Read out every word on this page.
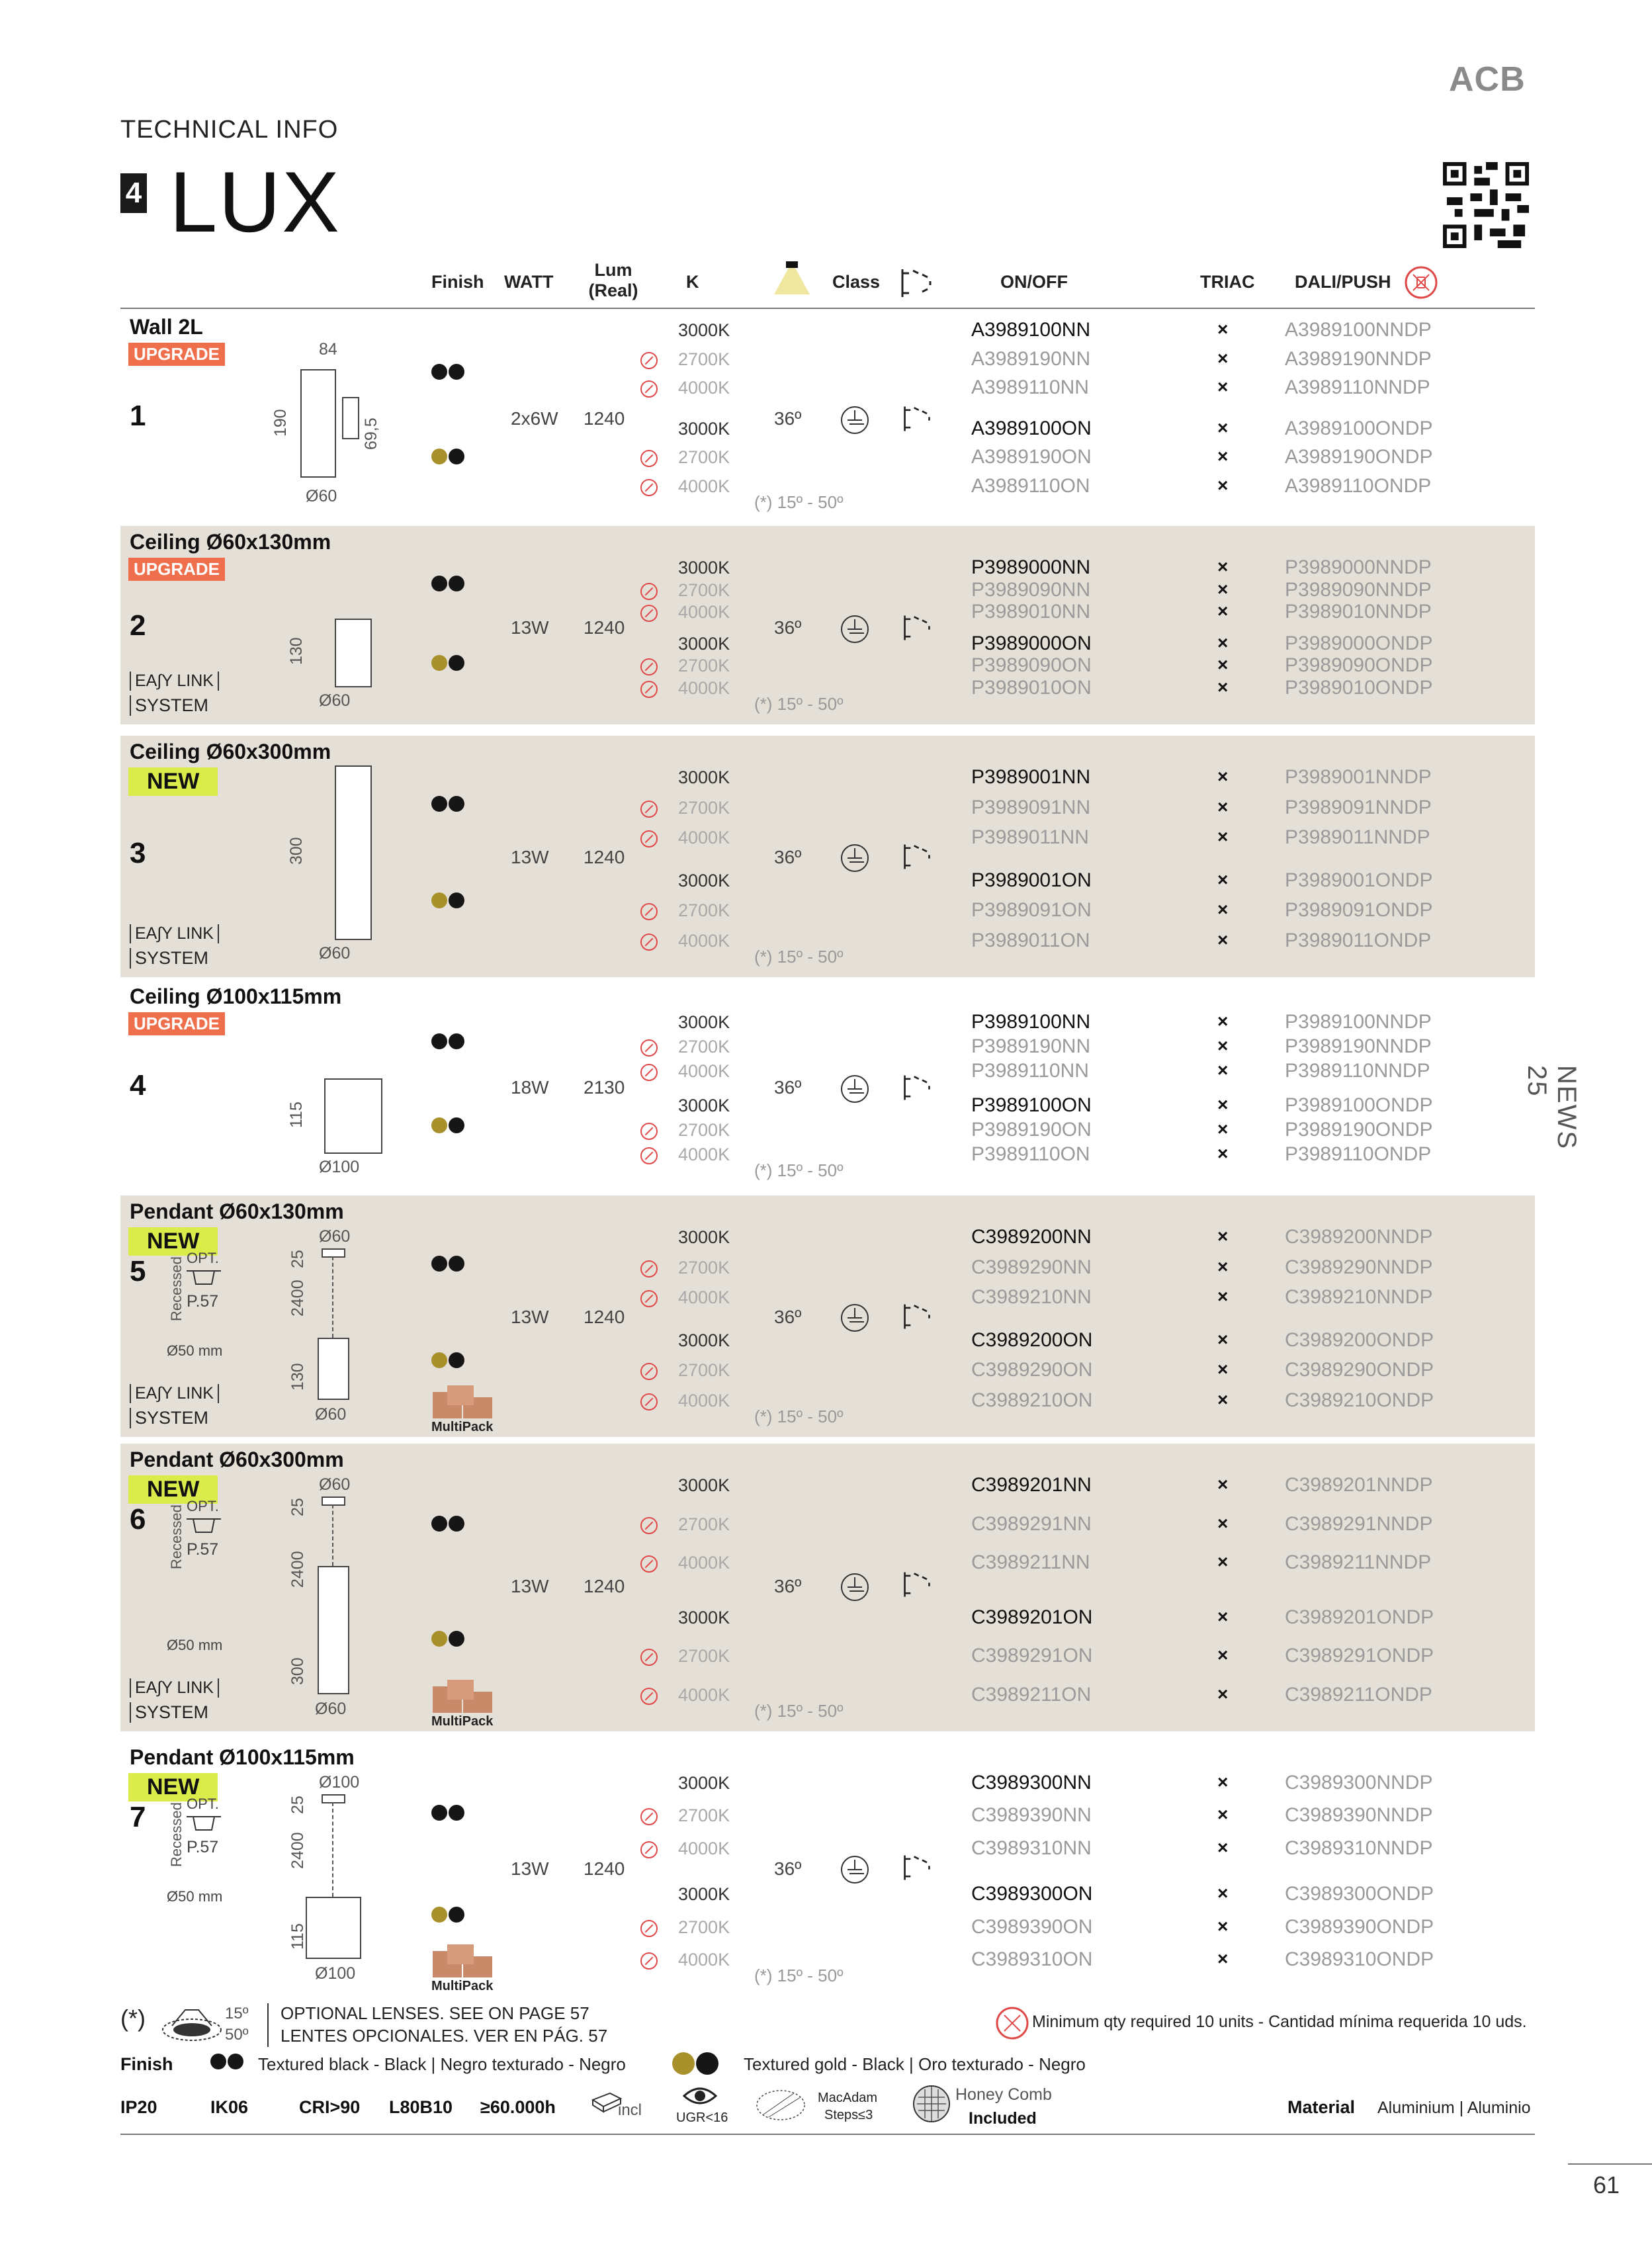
ACB
TECHNICAL INFO
4 LUX
Finish WATT
Lum
(Real)	K	Class	ON/OFF	TRIAC DALI/PUSH
Wall 2L
UPGRADE
1	2x6W 1240
3000K	A3989100NN	×	A3989100NNDP
2700K	A3989190NN	×	A3989190NNDP
4000K	A3989110NN	×	A3989110NNDP
3000K	A3989100ON	×	A3989100ONDP
2700K	A3989190ON	×	A3989190ONDP
4000K	A3989110ON	×	A3989110ONDP
36º
(*) 15º - 50º
84
190	69,5
Ø60
Ceiling Ø60x130mm
UPGRADE
2	13W 1240
3000K	P3989000NN	×	P3989000NNDP
2700K	P3989090NN	×	P3989090NNDP
4000K	P3989010NN	×	P3989010NNDP
3000K	P3989000ON	×	P3989000ONDP
2700K	P3989090ON	×	P3989090ONDP
4000K	P3989010ON	×	P3989010ONDP
36º
(*) 15º - 50º
130
Ø60
EA∫Y LINK
SYSTEM
Ceiling Ø60x300mm
NEW
3	13W 1240
3000K	P3989001NN	×	P3989001NNDP
2700K	P3989091NN	×	P3989091NNDP
4000K	P3989011NN	×	P3989011NNDP
3000K	P3989001ON	×	P3989001ONDP
2700K	P3989091ON	×	P3989091ONDP
4000K	P3989011ON	×	P3989011ONDP
36º
(*) 15º - 50º
300
Ø60
EA∫Y LINK
SYSTEM
Ceiling Ø100x115mm
UPGRADE
4	18W 2130
3000K	P3989100NN	×	P3989100NNDP
2700K	P3989190NN	×	P3989190NNDP
4000K	P3989110NN	×	P3989110NNDP
3000K	P3989100ON	×	P3989100ONDP
2700K	P3989190ON	×	P3989190ONDP
4000K	P3989110ON	×	P3989110ONDP
36º
(*) 15º - 50º
115
Ø100
Pendant Ø60x130mm
NEW
5
13W 1240
3000K	C3989200NN	×	C3989200NNDP
2700K	C3989290NN	×	C3989290NNDP
4000K	C3989210NN	×	C3989210NNDP
3000K	C3989200ON	×	C3989200ONDP
2700K	C3989290ON	×	C3989290ONDP
4000K	C3989210ON	×	C3989210ONDP
36º
(*) 15º - 50º
Ø60
25
2400
130
Ø60
Recessed OPT.
P.57
Ø50 mm
EA∫Y LINK
SYSTEM	MultiPack
Pendant Ø60x300mm
NEW
6
13W 1240
3000K	C3989201NN	×	C3989201NNDP
2700K	C3989291NN	×	C3989291NNDP
4000K	C3989211NN	×	C3989211NNDP
3000K	C3989201ON	×	C3989201ONDP
2700K	C3989291ON	×	C3989291ONDP
4000K	C3989211ON	×	C3989211ONDP
36º
(*) 15º - 50º
Ø60
25
2400
300
Ø60
Recessed OPT.
P.57
Ø50 mm
EA∫Y LINK
SYSTEM	MultiPack
Pendant Ø100x115mm
NEW
7
13W 1240
3000K	C3989300NN	×	C3989300NNDP
2700K	C3989390NN	×	C3989390NNDP
4000K	C3989310NN	×	C3989310NNDP
3000K	C3989300ON	×	C3989300ONDP
2700K	C3989390ON	×	C3989390ONDP
4000K	C3989310ON	×	C3989310ONDP
36º
(*) 15º - 50º
Ø100
25
2400
115
Ø100
Recessed OPT.
P.57
Ø50 mm
MultiPack
NEWS 25
61
(*)	15º
50º
OPTIONAL LENSES. SEE ON PAGE 57
LENTES OPCIONALES. VER EN PÁG. 57
Minimum qty required 10 units - Cantidad mínima requerida 10 uds.
Finish	Textured black - Black | Negro texturado - Negro	Textured gold - Black | Oro texturado - Negro
IP20	IK06	CRI>90 L80B10 ≥60.000h	incl	UGR<16
MacAdam
Steps≤3
Honey Comb
Included
Material Aluminium | Aluminio
